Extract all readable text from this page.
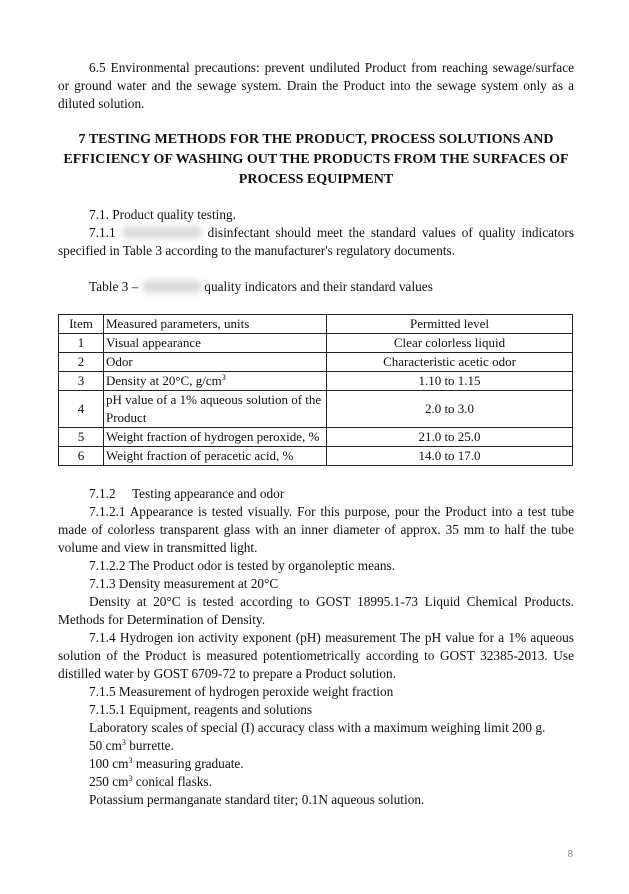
6.5 Environmental precautions: prevent undiluted Product from reaching sewage/surface or ground water and the sewage system. Drain the Product into the sewage system only as a diluted solution.

7 TESTING METHODS FOR THE PRODUCT, PROCESS SOLUTIONS AND EFFICIENCY OF WASHING OUT THE PRODUCTS FROM THE SURFACES OF PROCESS EQUIPMENT

7.1. Product quality testing.

7.1.1	disinfectant should meet the standard values of quality indicators specified in Table 3 according to the manufacturer's regulatory documents.

Table 3 –	quality indicators and their standard values

Item	Measured parameters, units	Permitted level
1	Visual appearance	Clear colorless liquid
2	Odor	Characteristic acetic odor
3	Density at 20°C, $g/cm^3$	1.10 to 1.15
4	pH value of a 1% aqueous solution of the Product	2.0 to 3.0
5	Weight fraction of hydrogen peroxide, %	21.0 to 25.0
6	Weight fraction of peracetic acid, %	14.0 to 17.0

7.1.2  Testing appearance and odor

7.1.2.1 Appearance is tested visually. For this purpose, pour the Product into a test tube made of colorless transparent glass with an inner diameter of approx. 35 mm to half the tube volume and view in transmitted light.

7.1.2.2 The Product odor is tested by organoleptic means.

7.1.3 Density measurement at 20°C

Density at 20°C is tested according to GOST 18995.1-73 Liquid Chemical Products. Methods for Determination of Density.

7.1.4 Hydrogen ion activity exponent (pH) measurement The pH value for a 1% aqueous solution of the Product is measured potentiometrically according to GOST 32385-2013. Use distilled water by GOST 6709-72 to prepare a Product solution.

7.1.5 Measurement of hydrogen peroxide weight fraction

7.1.5.1 Equipment, reagents and solutions

Laboratory scales of special (I) accuracy class with a maximum weighing limit 200 g.

50 $cm^3$ burrette.

100 $cm^3$ measuring graduate.

250 $cm^3$ conical flasks.

Potassium permanganate standard titer; 0.1N aqueous solution.

8
